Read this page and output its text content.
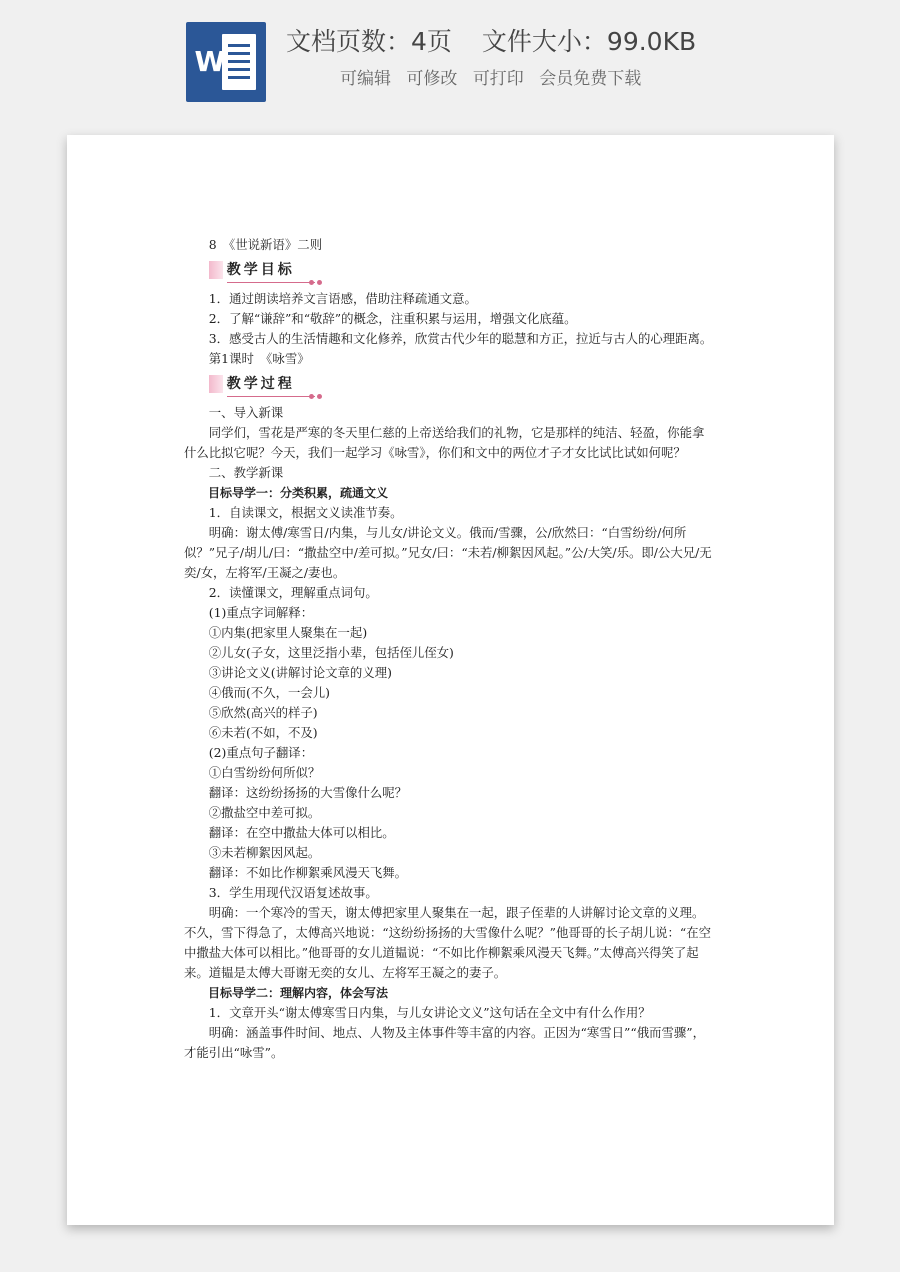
W
文档页数：4页 文件大小：99.0KB
可编辑 可修改 可打印 会员免费下载

8　《世说新语》二则

教学目标

1．通过朗读培养文言语感，借助注释疏通文意。

2．了解“谦辞”和“敬辞”的概念，注重积累与运用，增强文化底蕴。

3．感受古人的生活情趣和文化修养，欣赏古代少年的聪慧和方正，拉近与古人的心理距离。

第1课时　《咏雪》

教学过程

一、导入新课

同学们，雪花是严寒的冬天里仁慈的上帝送给我们的礼物，它是那样的纯洁、轻盈，你能拿什么比拟它呢？今天，我们一起学习《咏雪》，你们和文中的两位才子才女比试比试如何呢？

二、教学新课

目标导学一：分类积累，疏通文义

1．自读课文，根据文义读准节奏。

明确：谢太傅/寒雪日/内集，与儿女/讲论文义。俄而/雪骤，公/欣然曰：“白雪纷纷/何所似？”兄子/胡儿/曰：“撒盐空中/差可拟。”兄女/曰：“未若/柳絮因风起。”公/大笑/乐。即/公大兄/无奕/女，左将军/王凝之/妻也。

2．读懂课文，理解重点词句。

(1)重点字词解释：

①内集(把家里人聚集在一起)

②儿女(子女，这里泛指小辈，包括侄儿侄女)

③讲论文义(讲解讨论文章的义理)

④俄而(不久，一会儿)

⑤欣然(高兴的样子)

⑥未若(不如，不及)

(2)重点句子翻译：

①白雪纷纷何所似？

翻译：这纷纷扬扬的大雪像什么呢？

②撒盐空中差可拟。

翻译：在空中撒盐大体可以相比。

③未若柳絮因风起。

翻译：不如比作柳絮乘风漫天飞舞。

3．学生用现代汉语复述故事。

明确：一个寒冷的雪天，谢太傅把家里人聚集在一起，跟子侄辈的人讲解讨论文章的义理。不久，雪下得急了，太傅高兴地说：“这纷纷扬扬的大雪像什么呢？”他哥哥的长子胡儿说：“在空中撒盐大体可以相比。”他哥哥的女儿道韫说：“不如比作柳絮乘风漫天飞舞。”太傅高兴得笑了起来。道韫是太傅大哥谢无奕的女儿、左将军王凝之的妻子。

目标导学二：理解内容，体会写法

1．文章开头“谢太傅寒雪日内集，与儿女讲论文义”这句话在全文中有什么作用？

明确：涵盖事件时间、地点、人物及主体事件等丰富的内容。正因为“寒雪日”“俄而雪骤”，才能引出“咏雪”。
